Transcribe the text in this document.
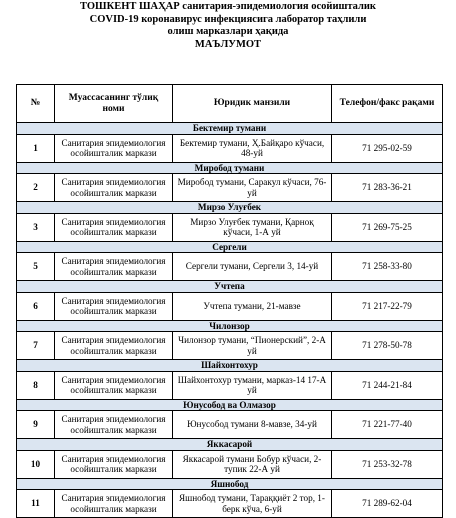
ТОШКЕНТ ШАҲАР санитария-эпидемиология осойишталик
COVID-19 коронавирус инфекциясига лаборатор таҳлили
олиш марказлари ҳақида
МАЪЛУМОТ
№	Муассасанинг тўлиқ номи	Юридик манзили	Телефон/факс рақами
Бектемир тумани			
1	Санитария эпидемиология осойишталик маркази	Бектемир тумани, Ҳ.Байқаро кўчаси, 48-уй	71 295-02-59
Миробод тумани			
2	Санитария эпидемиология осойишталик маркази	Миробод тумани, Саракул кўчаси, 76-уй	71 283-36-21
Мирзо Улуғбек			
3	Санитария эпидемиология осойишталик маркази	Мирзо Улуғбек тумани, Қарноқ кўчаси, 1-А уй	71 269-75-25
Сергели			
5	Санитария эпидемиология осойишталик маркази	Сергели тумани, Сергели 3, 14-уй	71 258-33-80
Учтепа			
6	Санитария эпидемиология осойишталик маркази	Учтепа тумани, 21-мавзе	71 217-22-79
Чилонзор			
7	Санитария эпидемиология осойишталик маркази	Чилонзор тумани, “Пионерский”, 2-А уй	71 278-50-78
Шайхонтохур			
8	Санитария эпидемиология осойишталик маркази	Шайхонтохур тумани, марказ-14 17-А уй	71 244-21-84
Юнусобод ва Олмазор			
9	Санитария эпидемиология осойишталик маркази	Юнусобод тумани 8-мавзе, 34-уй	71 221-77-40
Яккасарой			
10	Санитария эпидемиология осойишталик маркази	Яккасарой тумани Бобур кўчаси, 2-тупик 22-А уй	71 253-32-78
Яшнобод			
11	Санитария эпидемиология осойишталик маркази	Яшнобод тумани, Тараққиёт 2 тор, 1-берк кўча, 6-уй	71 289-62-04
